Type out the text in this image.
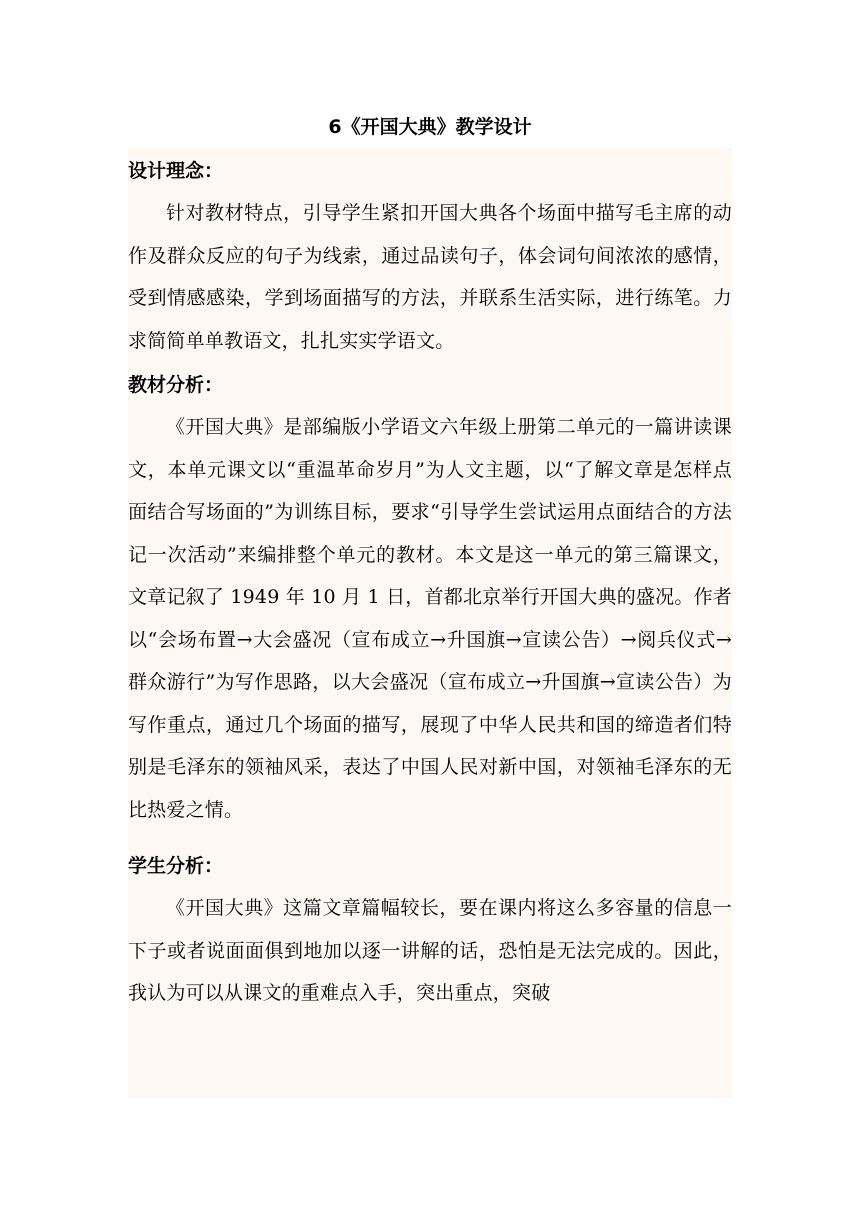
6《开国大典》教学设计
设计理念：

针对教材特点，引导学生紧扣开国大典各个场面中描写毛主席的动作及群众反应的句子为线索，通过品读句子，体会词句间浓浓的感情，受到情感感染，学到场面描写的方法，并联系生活实际，进行练笔。力求简简单单教语文，扎扎实实学语文。

教材分析：

《开国大典》是部编版小学语文六年级上册第二单元的一篇讲读课文，本单元课文以“重温革命岁月”为人文主题，以“了解文章是怎样点面结合写场面的”为训练目标，要求“引导学生尝试运用点面结合的方法记一次活动”来编排整个单元的教材。本文是这一单元的第三篇课文，文章记叙了 1949 年 10 月 1 日，首都北京举行开国大典的盛况。作者以“会场布置→大会盛况（宣布成立→升国旗→宣读公告）→阅兵仪式→群众游行”为写作思路，以大会盛况（宣布成立→升国旗→宣读公告）为写作重点，通过几个场面的描写，展现了中华人民共和国的缔造者们特别是毛泽东的领袖风采，表达了中国人民对新中国，对领袖毛泽东的无比热爱之情。

学生分析：

《开国大典》这篇文章篇幅较长，要在课内将这么多容量的信息一下子或者说面面俱到地加以逐一讲解的话，恐怕是无法完成的。因此，我认为可以从课文的重难点入手，突出重点，突破
